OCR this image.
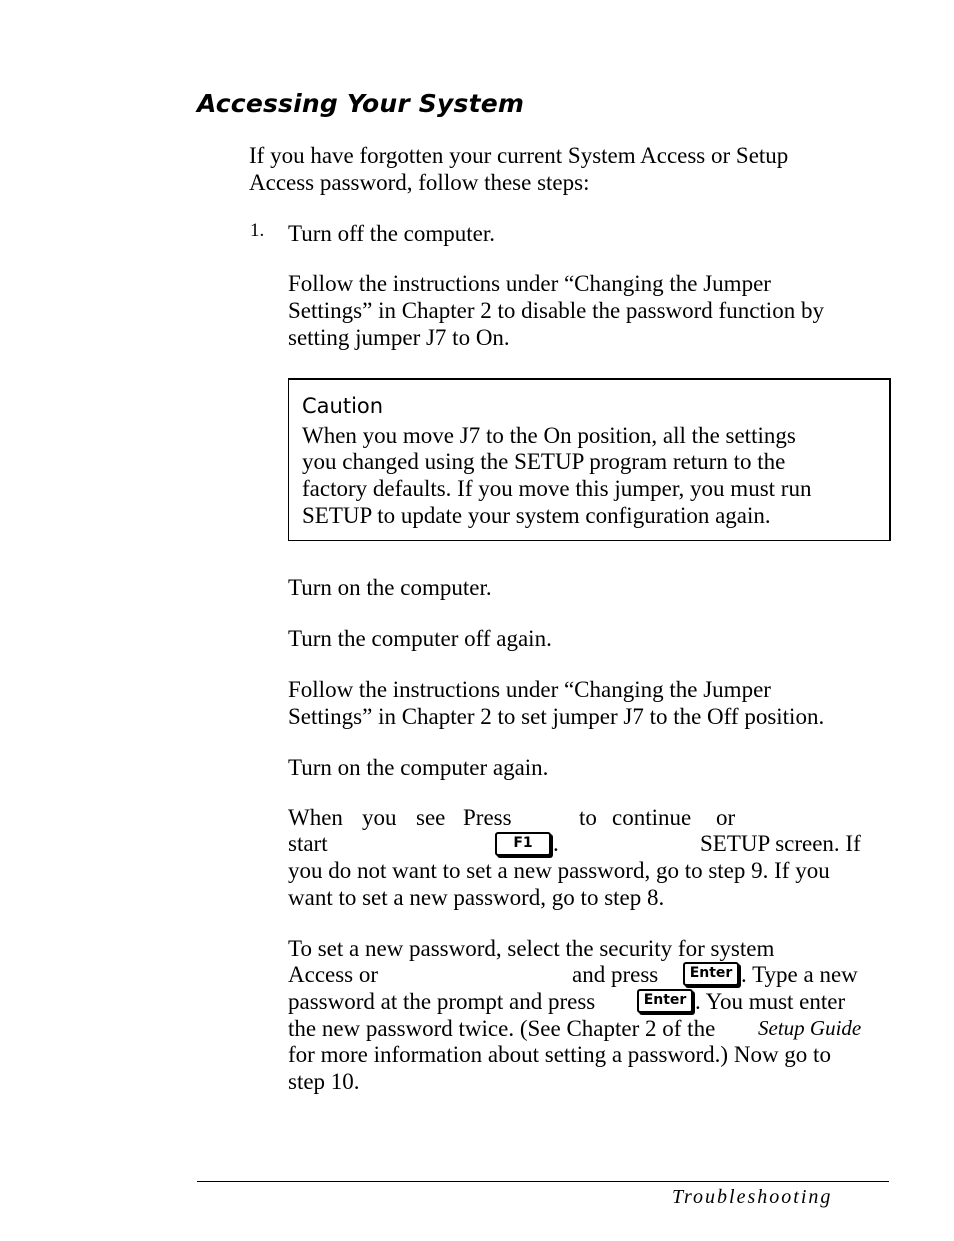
Accessing Your System
If you have forgotten your current System Access or Setup
Access password, follow these steps:
1. Turn off the computer.
Follow the instructions under “Changing the Jumper
Settings” in Chapter 2 to disable the password function by
setting jumper J7 to On.
Caution
When you move J7 to the On position, all the settings
you changed using the SETUP program return to the
factory defaults. If you move this jumper, you must run
SETUP to update your system configuration again.
Turn on the computer.
Turn the computer off again.
Follow the instructions under “Changing the Jumper
Settings” in Chapter 2 to set jumper J7 to the Off position.
Turn on the computer again.
When you see Press	to continue or
start	F1 .	SETUP screen. If
you do not want to set a new password, go to step 9. If you
want to set a new password, go to step 8.
To set a new password, select the security for system
Access or	and press	Enter . Type a new
password at the prompt and press	Enter . You must enter
the new password twice. (See Chapter 2 of the Setup Guide
for more information about setting a password.) Now go to
step 10.
Troubleshooting
